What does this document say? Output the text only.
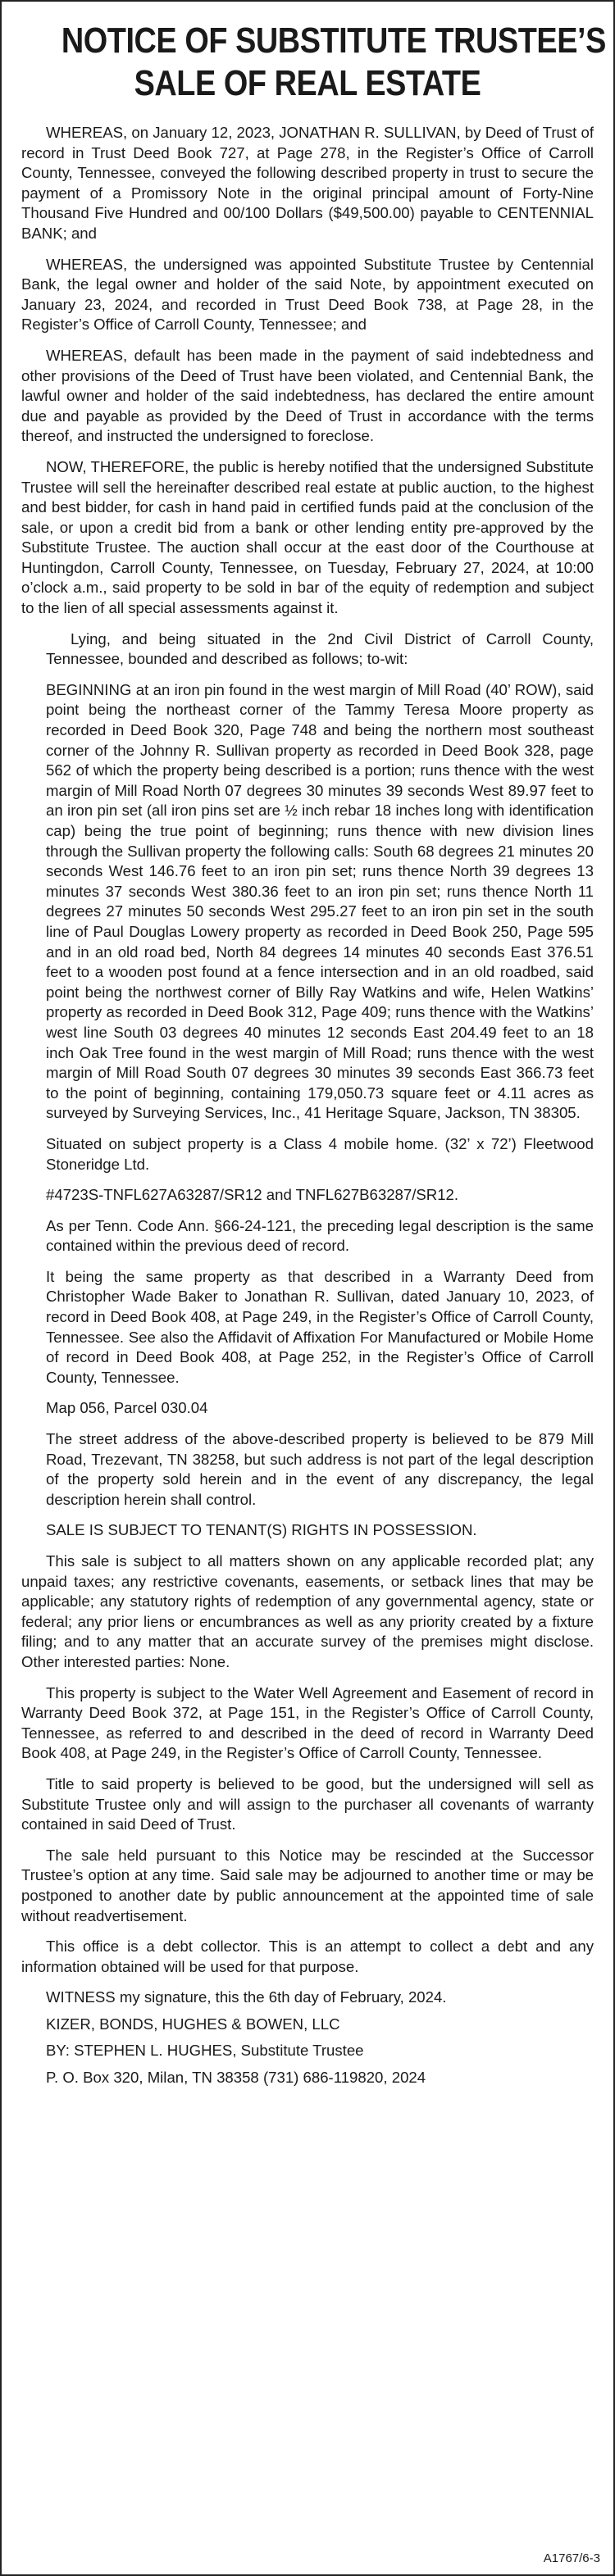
NOTICE OF SUBSTITUTE TRUSTEE’S
SALE OF REAL ESTATE

WHEREAS, on January 12, 2023, JONATHAN R. SULLIVAN, by Deed of Trust of record in Trust Deed Book 727, at Page 278, in the Register’s Office of Carroll County, Tennessee, conveyed the following described property in trust to secure the payment of a Promissory Note in the original principal amount of Forty-Nine Thousand Five Hundred and 00/100 Dollars ($49,500.00) payable to CENTENNIAL BANK; and

WHEREAS, the undersigned was appointed Substitute Trustee by Centennial Bank, the legal owner and holder of the said Note, by appointment executed on January 23, 2024, and recorded in Trust Deed Book 738, at Page 28, in the Register’s Office of Carroll County, Tennessee; and

WHEREAS, default has been made in the payment of said indebtedness and other provisions of the Deed of Trust have been violated, and Centennial Bank, the lawful owner and holder of the said indebtedness, has declared the entire amount due and payable as provided by the Deed of Trust in accordance with the terms thereof, and instructed the undersigned to foreclose.

NOW, THEREFORE, the public is hereby notified that the undersigned Substitute Trustee will sell the hereinafter described real estate at public auction, to the highest and best bidder, for cash in hand paid in certified funds paid at the conclusion of the sale, or upon a credit bid from a bank or other lending entity pre-approved by the Substitute Trustee. The auction shall occur at the east door of the Courthouse at Huntingdon, Carroll County, Tennessee, on Tuesday, February 27, 2024, at 10:00 o’clock a.m., said property to be sold in bar of the equity of redemption and subject to the lien of all special assessments against it.

Lying, and being situated in the 2nd Civil District of Carroll County, Tennessee, bounded and described as follows; to-wit:

BEGINNING at an iron pin found in the west margin of Mill Road (40’ ROW), said point being the northeast corner of the Tammy Teresa Moore property as recorded in Deed Book 320, Page 748 and being the northern most southeast corner of the Johnny R. Sullivan property as recorded in Deed Book 328, page 562 of which the property being described is a portion; runs thence with the west margin of Mill Road North 07 degrees 30 minutes 39 seconds West 89.97 feet to an iron pin set (all iron pins set are ½ inch rebar 18 inches long with identification cap) being the true point of beginning; runs thence with new division lines through the Sullivan property the following calls: South 68 degrees 21 minutes 20 seconds West 146.76 feet to an iron pin set; runs thence North 39 degrees 13 minutes 37 seconds West 380.36 feet to an iron pin set; runs thence North 11 degrees 27 minutes 50 seconds West 295.27 feet to an iron pin set in the south line of Paul Douglas Lowery property as recorded in Deed Book 250, Page 595 and in an old road bed, North 84 degrees 14 minutes 40 seconds East 376.51 feet to a wooden post found at a fence intersection and in an old roadbed, said point being the northwest corner of Billy Ray Watkins and wife, Helen Watkins’ property as recorded in Deed Book 312, Page 409; runs thence with the Watkins’ west line South 03 degrees 40 minutes 12 seconds East 204.49 feet to an 18 inch Oak Tree found in the west margin of Mill Road; runs thence with the west margin of Mill Road South 07 degrees 30 minutes 39 seconds East 366.73 feet to the point of beginning, containing 179,050.73 square feet or 4.11 acres as surveyed by Surveying Services, Inc., 41 Heritage Square, Jackson, TN 38305.

Situated on subject property is a Class 4 mobile home. (32’ x 72’) Fleetwood Stoneridge Ltd.

#4723S-TNFL627A63287/SR12 and TNFL627B63287/SR12.

As per Tenn. Code Ann. §66-24-121, the preceding legal description is the same contained within the previous deed of record.

It being the same property as that described in a Warranty Deed from Christopher Wade Baker to Jonathan R. Sullivan, dated January 10, 2023, of record in Deed Book 408, at Page 249, in the Register’s Office of Carroll County, Tennessee. See also the Affidavit of Affixation For Manufactured or Mobile Home of record in Deed Book 408, at Page 252, in the Register’s Office of Carroll County, Tennessee.

Map 056, Parcel 030.04

The street address of the above-described property is believed to be 879 Mill Road, Trezevant, TN 38258, but such address is not part of the legal description of the property sold herein and in the event of any discrepancy, the legal description herein shall control.

SALE IS SUBJECT TO TENANT(S) RIGHTS IN POSSESSION.

This sale is subject to all matters shown on any applicable recorded plat; any unpaid taxes; any restrictive covenants, easements, or setback lines that may be applicable; any statutory rights of redemption of any governmental agency, state or federal; any prior liens or encumbrances as well as any priority created by a fixture filing; and to any matter that an accurate survey of the premises might disclose. Other interested parties: None.

This property is subject to the Water Well Agreement and Easement of record in Warranty Deed Book 372, at Page 151, in the Register’s Office of Carroll County, Tennessee, as referred to and described in the deed of record in Warranty Deed Book 408, at Page 249, in the Register’s Office of Carroll County, Tennessee.

Title to said property is believed to be good, but the undersigned will sell as Substitute Trustee only and will assign to the purchaser all covenants of warranty contained in said Deed of Trust.

The sale held pursuant to this Notice may be rescinded at the Successor Trustee’s option at any time. Said sale may be adjourned to another time or may be postponed to another date by public announcement at the appointed time of sale without readvertisement.

This office is a debt collector. This is an attempt to collect a debt and any information obtained will be used for that purpose.

WITNESS my signature, this the 6th day of February, 2024.

KIZER, BONDS, HUGHES & BOWEN, LLC

BY: STEPHEN L. HUGHES, Substitute Trustee

P. O. Box 320, Milan, TN 38358 (731) 686-119820, 2024

A1767/6-3
